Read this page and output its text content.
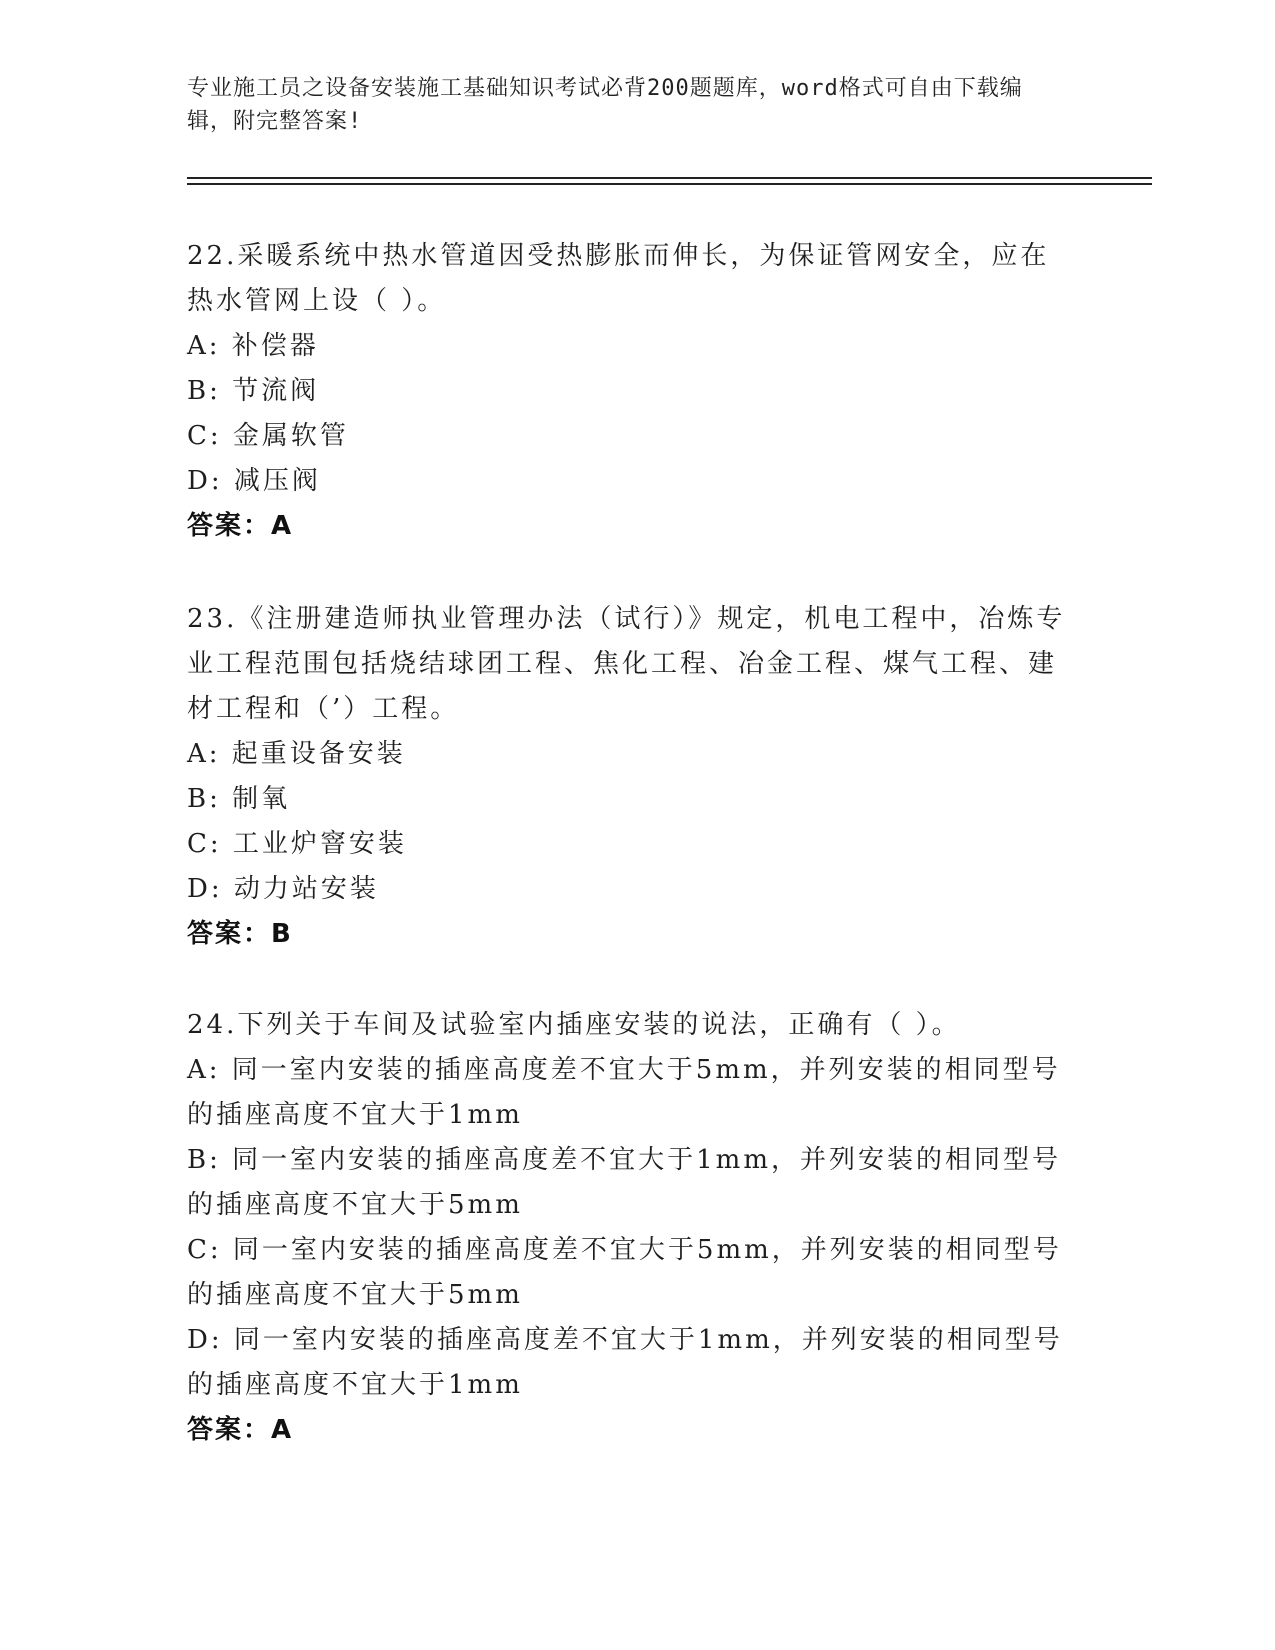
专业施工员之设备安装施工基础知识考试必背200题题库，word格式可自由下载编辑，附完整答案!

22.采暖系统中热水管道因受热膨胀而伸长，为保证管网安全，应在热水管网上设（ ）。

A: 补偿器

B: 节流阀

C: 金属软管

D: 减压阀

答案：A

23.《注册建造师执业管理办法（试行）》规定，机电工程中，冶炼专业工程范围包括烧结球团工程、焦化工程、冶金工程、煤气工程、建材工程和（’）工程。

A: 起重设备安装

B: 制氧

C: 工业炉窨安装

D: 动力站安装

答案：B

24.下列关于车间及试验室内插座安装的说法，正确有（ ）。

A: 同一室内安装的插座高度差不宜大于5mm，并列安装的相同型号的插座高度不宜大于1mm

B: 同一室内安装的插座高度差不宜大于1mm，并列安装的相同型号的插座高度不宜大于5mm

C: 同一室内安装的插座高度差不宜大于5mm，并列安装的相同型号的插座高度不宜大于5mm

D: 同一室内安装的插座高度差不宜大于1mm，并列安装的相同型号的插座高度不宜大于1mm

答案：A
